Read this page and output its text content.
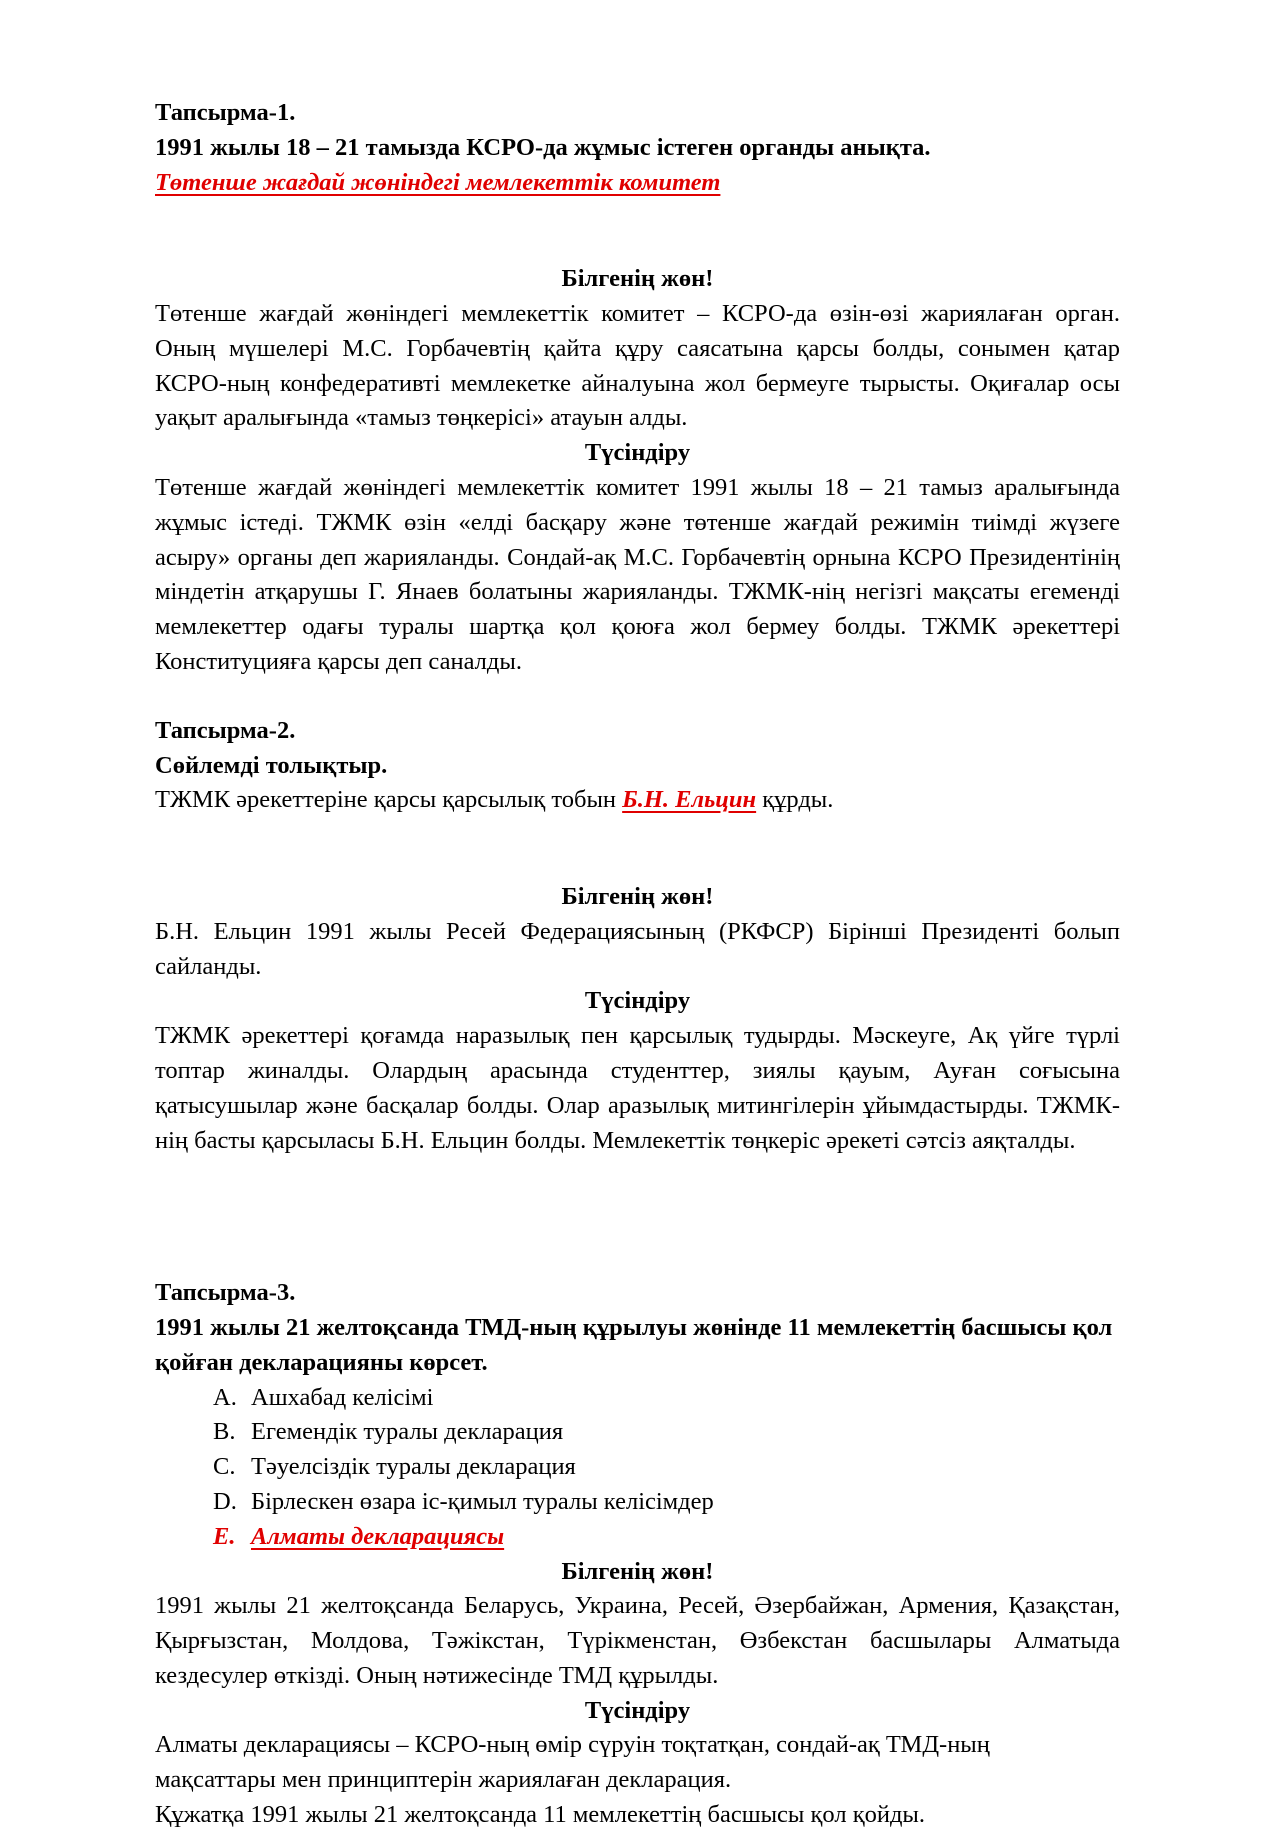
Тапсырма-1.

1991 жылы 18 – 21 тамызда КСРО-да жұмыс істеген органды анықта.

Төтенше жағдай жөніндегі мемлекеттік комитет

Білгенің жөн!

Төтенше жағдай жөніндегі мемлекеттік комитет – КСРО-да өзін-өзі жариялаған орган. Оның мүшелері М.С. Горбачевтің қайта құру саясатына қарсы болды, сонымен қатар КСРО-ның конфедеративті мемлекетке айналуына жол бермеуге тырысты. Оқиғалар осы уақыт аралығында «тамыз төңкерісі» атауын алды.

Түсіндіру

Төтенше жағдай жөніндегі мемлекеттік комитет 1991 жылы 18 – 21 тамыз аралығында жұмыс істеді. ТЖМК өзін «елді басқару және төтенше жағдай режимін тиімді жүзеге асыру» органы деп жарияланды. Сондай-ақ М.С. Горбачевтің орнына КСРО Президентінің міндетін атқарушы Г. Янаев болатыны жарияланды. ТЖМК-нің негізгі мақсаты егеменді мемлекеттер одағы туралы шартқа қол қоюға жол бермеу болды. ТЖМК әрекеттері Конституцияға қарсы деп саналды.

Тапсырма-2.

Сөйлемді толықтыр.

ТЖМК әрекеттеріне қарсы қарсылық тобын Б.Н. Ельцин құрды.

Білгенің жөн!

Б.Н. Ельцин 1991 жылы Ресей Федерациясының (РКФСР) Бірінші Президенті болып сайланды.

Түсіндіру

ТЖМК әрекеттері қоғамда наразылық пен қарсылық тудырды. Мәскеуге, Ақ үйге түрлі топтар жиналды. Олардың арасында студенттер, зиялы қауым, Ауған соғысына қатысушылар және басқалар болды. Олар аразылық митингілерін ұйымдастырды. ТЖМК-нің басты қарсыласы Б.Н. Ельцин болды. Мемлекеттік төңкеріс әрекеті сәтсіз аяқталды.

Тапсырма-3.

1991 жылы 21 желтоқсанда ТМД-ның құрылуы жөнінде 11 мемлекеттің басшысы қол қойған декларацияны көрсет.

A. Ашхабад келісімі
B. Егемендік туралы декларация
C. Тәуелсіздік туралы декларация
D. Бірлескен өзара іс-қимыл туралы келісімдер
E. Алматы декларациясы

Білгенің жөн!

1991 жылы 21 желтоқсанда Беларусь, Украина, Ресей, Әзербайжан, Армения, Қазақстан, Қырғызстан, Молдова, Тәжікстан, Түрікменстан, Өзбекстан басшылары Алматыда кездесулер өткізді. Оның нәтижесінде ТМД құрылды.

Түсіндіру

Алматы декларациясы – КСРО-ның өмір сүруін тоқтатқан, сондай-ақ ТМД-ның

мақсаттары мен принциптерін жариялаған декларация.

Құжатқа 1991 жылы 21 желтоқсанда 11 мемлекеттің басшысы қол қойды.
